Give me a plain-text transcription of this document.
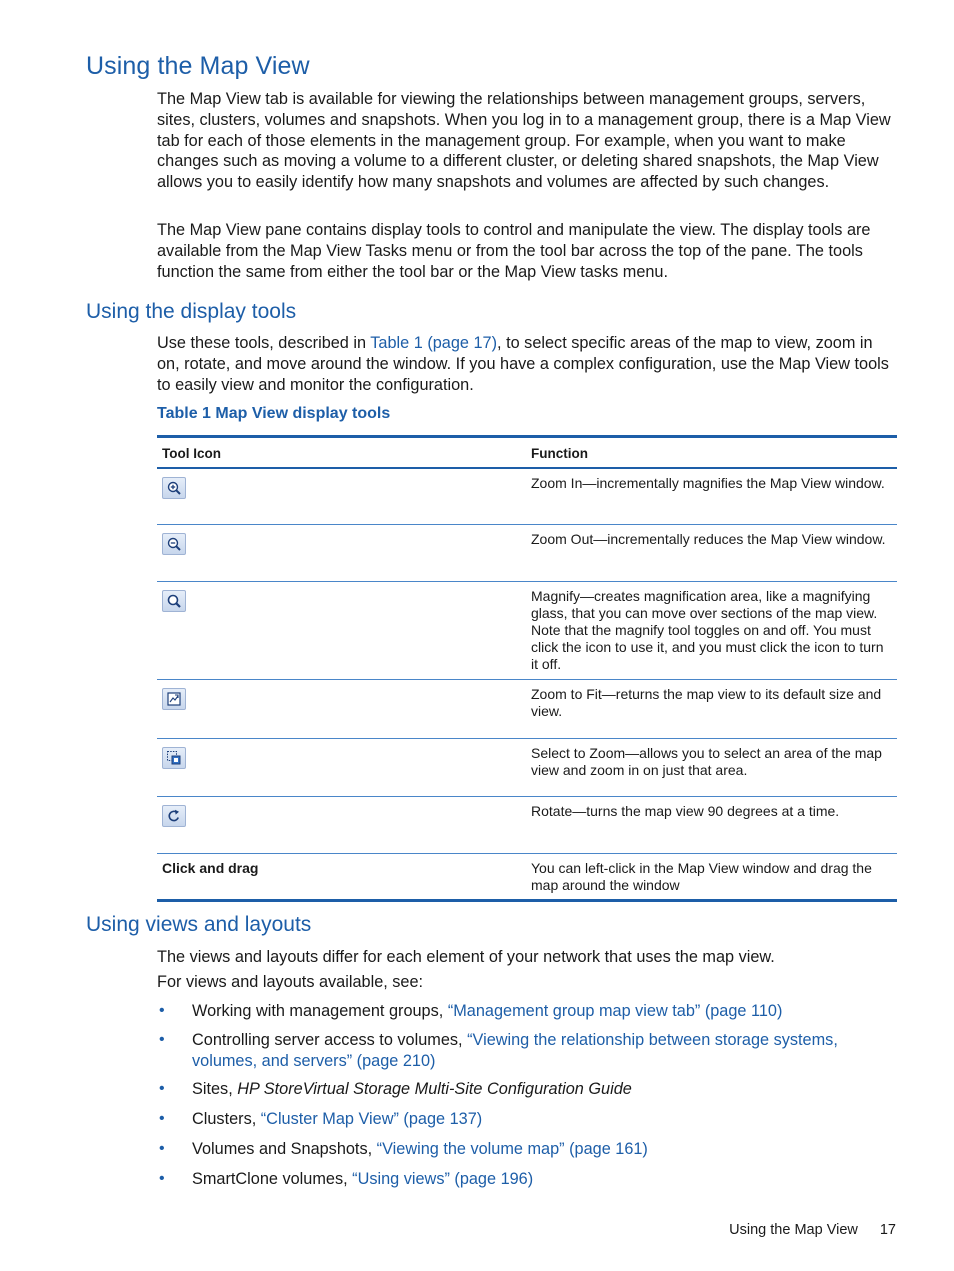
Using the Map View

The Map View tab is available for viewing the relationships between management groups, servers, sites, clusters, volumes and snapshots. When you log in to a management group, there is a Map View tab for each of those elements in the management group. For example, when you want to make changes such as moving a volume to a different cluster, or deleting shared snapshots, the Map View allows you to easily identify how many snapshots and volumes are affected by such changes.

The Map View pane contains display tools to control and manipulate the view. The display tools are available from the Map View Tasks menu or from the tool bar across the top of the pane. The tools function the same from either the tool bar or the Map View tasks menu.

Using the display tools

Use these tools, described in Table 1 (page 17), to select specific areas of the map to view, zoom in on, rotate, and move around the window. If you have a complex configuration, use the Map View tools to easily view and monitor the configuration.

Table 1 Map View display tools

Tool Icon	Function
Zoom In—incrementally magnifies the Map View window.
Zoom Out—incrementally reduces the Map View window.
Magnify—creates magnification area, like a magnifying glass, that you can move over sections of the map view. Note that the magnify tool toggles on and off. You must click the icon to use it, and you must click the icon to turn it off.
Zoom to Fit—returns the map view to its default size and view.
Select to Zoom—allows you to select an area of the map view and zoom in on just that area.
Rotate—turns the map view 90 degrees at a time.
Click and drag	You can left-click in the Map View window and drag the map around the window
Using views and layouts

The views and layouts differ for each element of your network that uses the map view.

For views and layouts available, see:

• Working with management groups, “Management group map view tab” (page 110)
• Controlling server access to volumes, “Viewing the relationship between storage systems, volumes, and servers” (page 210)
• Sites, HP StoreVirtual Storage Multi-Site Configuration Guide
• Clusters, “Cluster Map View” (page 137)
• Volumes and Snapshots, “Viewing the volume map” (page 161)
• SmartClone volumes, “Using views” (page 196)
Using the Map View 17
